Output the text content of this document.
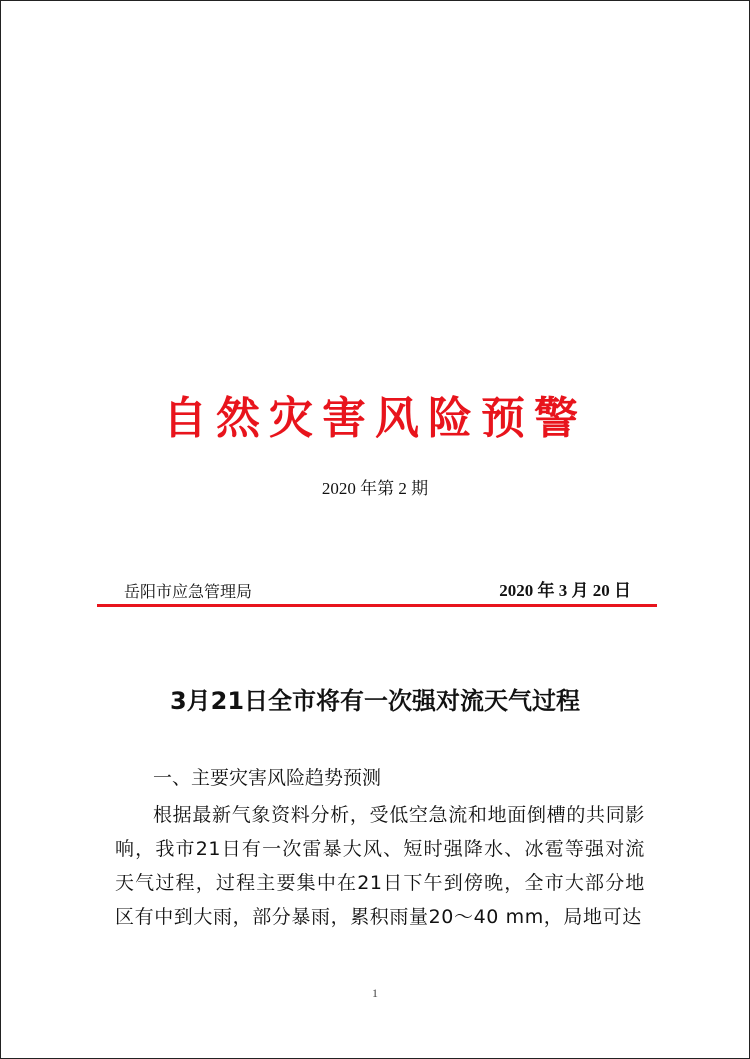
自然灾害风险预警
2020 年第 2 期
岳阳市应急管理局	2020 年 3 月 20 日
3月21日全市将有一次强对流天气过程
一、主要灾害风险趋势预测
根据最新气象资料分析，受低空急流和地面倒槽的共同影响，我市21日有一次雷暴大风、短时强降水、冰雹等强对流天气过程，过程主要集中在21日下午到傍晚，全市大部分地区有中到大雨，部分暴雨，累积雨量20～40 mm，局地可达
1
